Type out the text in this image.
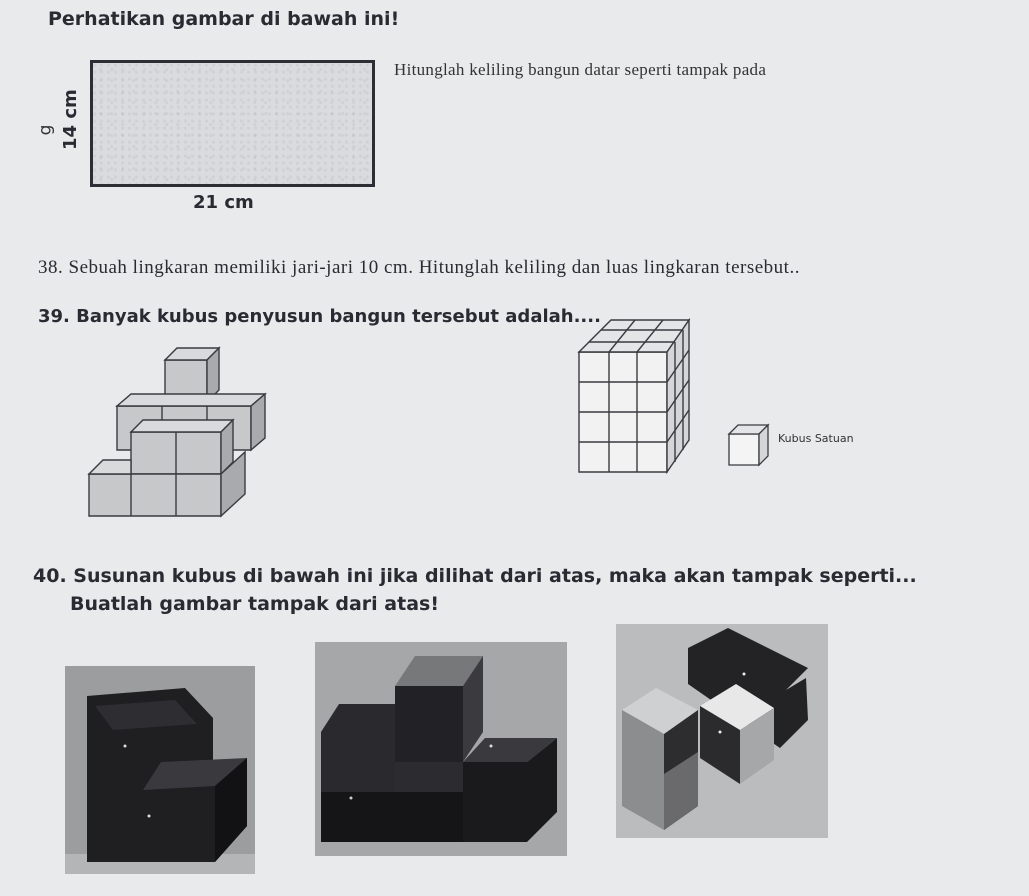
Perhatikan gambar di bawah ini!
g 14 cm
21 cm
Hitunglah keliling bangun datar seperti tampak pada
38. Sebuah lingkaran memiliki jari-jari 10 cm. Hitunglah keliling dan luas lingkaran tersebut..
39. Banyak kubus penyusun bangun tersebut adalah....
Kubus Satuan
40. Susunan kubus di bawah ini jika dilihat dari atas, maka akan tampak seperti...
Buatlah gambar tampak dari atas!
